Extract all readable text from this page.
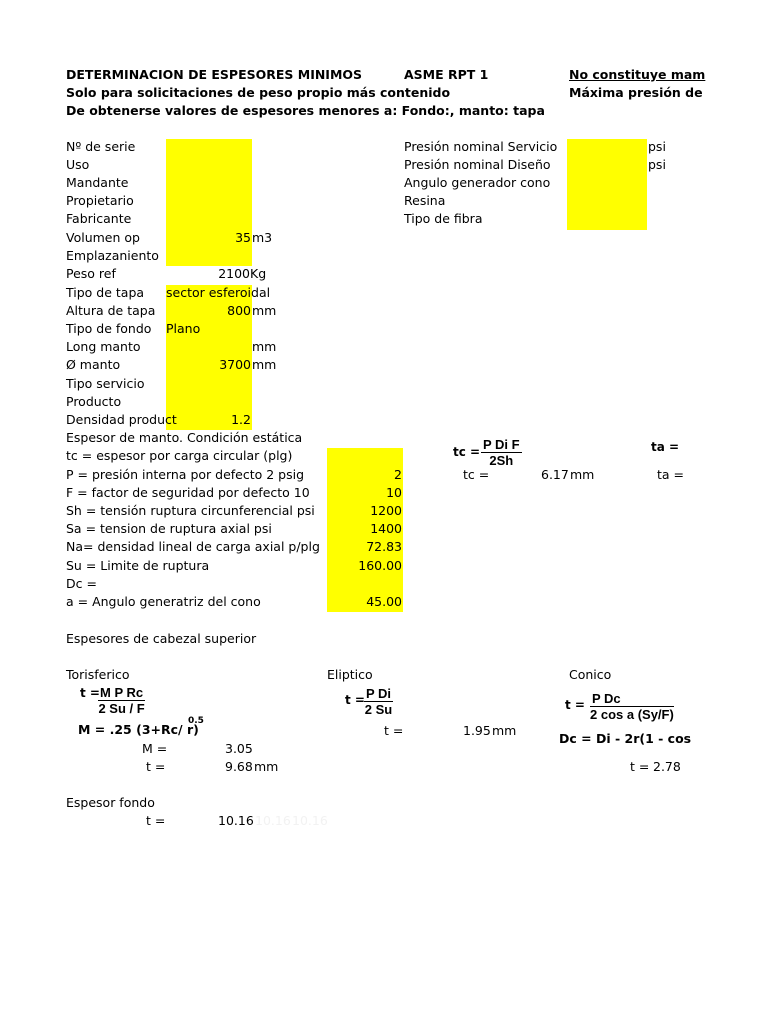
DETERMINACION DE ESPESORES MINIMOS	ASME RPT 1	No constituye mam
Solo para solicitaciones de peso propio más contenido	Máxima presión de
De obtenerse valores de espesores menores a: Fondo:, manto: tapa
Nº de serie
Uso
Mandante
Propietario
Fabricante
Volumen op	35 m3
Emplazaniento
Peso ref	2100 Kg
Tipo de tapa sector esferoidal
Altura de tapa	800 mm
Tipo de fondo Plano
Long manto	mm
Ø manto	3700 mm
Tipo servicio
Producto
Densidad product	1.2
Presión nominal Servicio	psi
Presión nominal Diseño	psi
Angulo generador cono
Resina
Tipo de fibra
Espesor de manto. Condición estática
tc = espesor por carga circular (plg)
P = presión interna por defecto 2 psig	2
F = factor de seguridad por defecto 10	10
Sh = tensión ruptura circunferencial psi	1200
Sa = tension de ruptura axial psi	1400
Na= densidad lineal de carga axial p/plg	72.83
Su = Limite de ruptura	160.00
Dc =
a = Angulo generatriz del cono	45.00
tc = $\frac{\text{P Di F}}{2Sh}$	ta =
tc =	6.17 mm	ta =
Espesores de cabezal superior
Torisferico	Eliptico	Conico
t =
$\frac{\text{M P Rc}}{2 Su / F}$
M = .25 (3+Rc/ r)
0.5
M =	3.05
t =	9.68 mm
$t = \frac{\text{P Di}}{2 Su}$
t =	1.95 mm
$t = \frac{\text{P Dc}}{\text{2 cos a (Sy/F)}}$
Dc = Di - 2r(1 - cos
t = 2.78
Espesor fondo
t =	10.16 10.16 10.16
